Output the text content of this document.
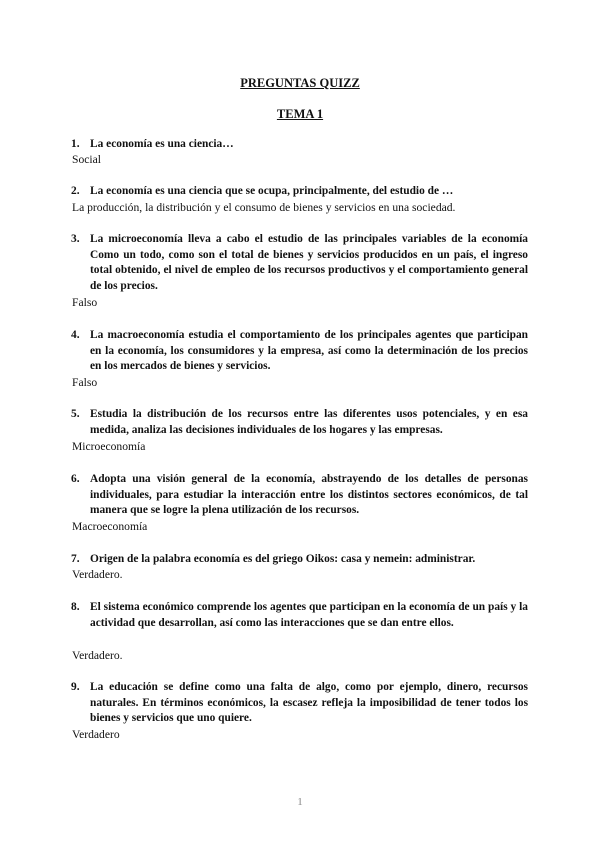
PREGUNTAS QUIZZ
TEMA 1
1. La economía es una ciencia…
Social
2. La economía es una ciencia que se ocupa, principalmente, del estudio de …
La producción, la distribución y el consumo de bienes y servicios en una sociedad.
3. La microeconomía lleva a cabo el estudio de las principales variables de la economía Como un todo, como son el total de bienes y servicios producidos en un país, el ingreso total obtenido, el nivel de empleo de los recursos productivos y el comportamiento general de los precios.
Falso
4. La macroeconomía estudia el comportamiento de los principales agentes que participan en la economía, los consumidores y la empresa, así como la determinación de los precios en los mercados de bienes y servicios.
Falso
5. Estudia la distribución de los recursos entre las diferentes usos potenciales, y en esa medida, analiza las decisiones individuales de los hogares y las empresas.
Microeconomía
6. Adopta una visión general de la economía, abstrayendo de los detalles de personas individuales, para estudiar la interacción entre los distintos sectores económicos, de tal manera que se logre la plena utilización de los recursos.
Macroeconomía
7. Origen de la palabra economía es del griego Oikos: casa y nemein: administrar.
Verdadero.
8. El sistema económico comprende los agentes que participan en la economía de un país y la actividad que desarrollan, así como las interacciones que se dan entre ellos.
Verdadero.
9. La educación se define como una falta de algo, como por ejemplo, dinero, recursos naturales. En términos económicos, la escasez refleja la imposibilidad de tener todos los bienes y servicios que uno quiere.
Verdadero
1
